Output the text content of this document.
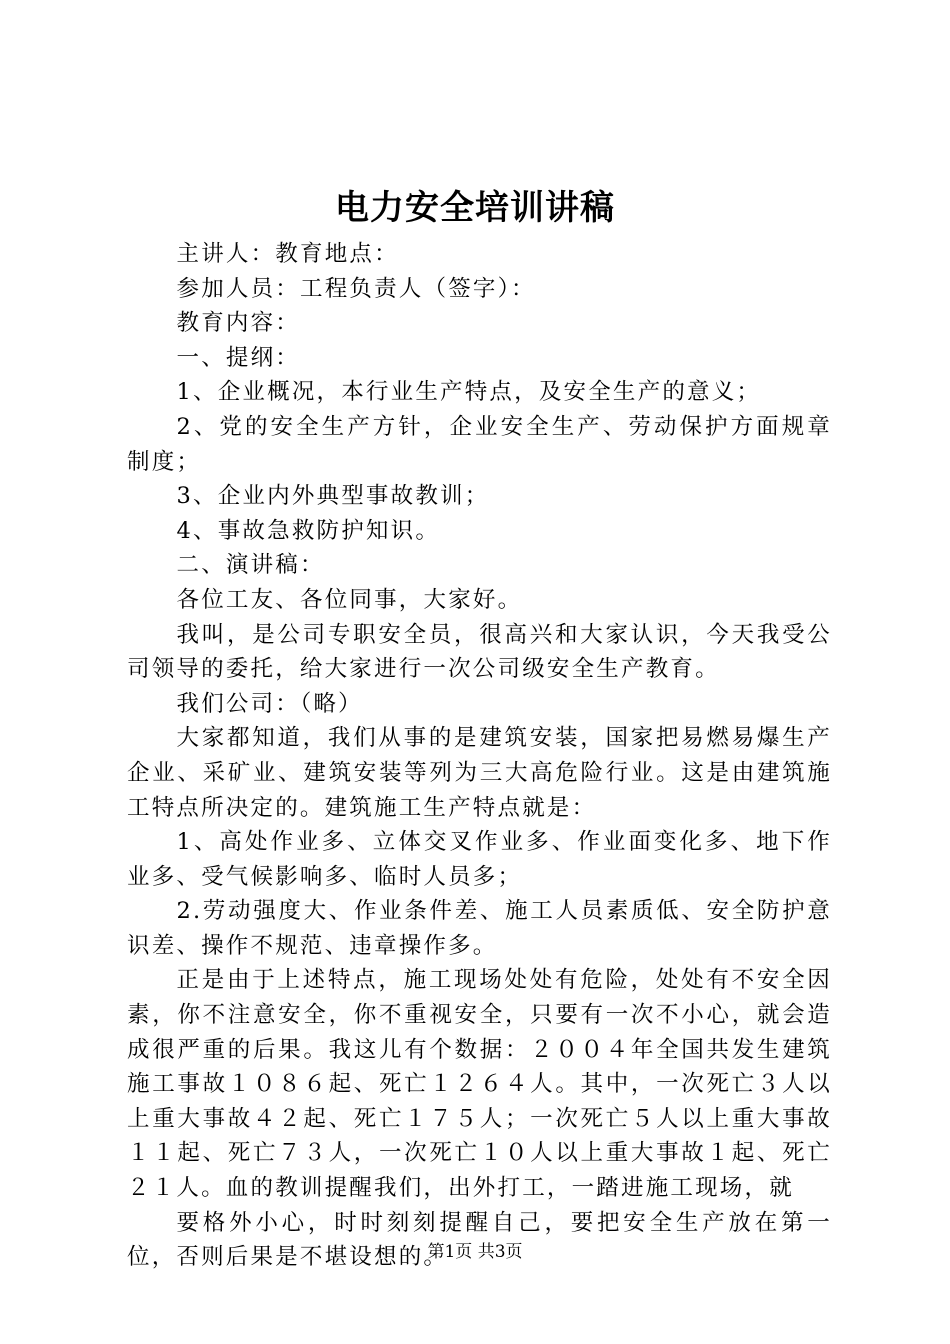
电力安全培训讲稿

主讲人：教育地点：

参加人员：工程负责人（签字）：

教育内容：

一、提纲：

1、企业概况，本行业生产特点，及安全生产的意义；

2、党的安全生产方针，企业安全生产、劳动保护方面规章制度；

3、企业内外典型事故教训；

4、事故急救防护知识。

二、演讲稿：

各位工友、各位同事，大家好。

我叫，是公司专职安全员，很高兴和大家认识，今天我受公司领导的委托，给大家进行一次公司级安全生产教育。

我们公司：（略）

大家都知道，我们从事的是建筑安装，国家把易燃易爆生产企业、采矿业、建筑安装等列为三大高危险行业。这是由建筑施工特点所决定的。建筑施工生产特点就是：

1、高处作业多、立体交叉作业多、作业面变化多、地下作业多、受气候影响多、临时人员多；

2.劳动强度大、作业条件差、施工人员素质低、安全防护意识差、操作不规范、违章操作多。

正是由于上述特点，施工现场处处有危险，处处有不安全因素，你不注意安全，你不重视安全，只要有一次不小心，就会造成很严重的后果。我这儿有个数据：２００４年全国共发生建筑施工事故１０８６起、死亡１２６４人。其中，一次死亡３人以上重大事故４２起、死亡１７５人；一次死亡５人以上重大事故１１起、死亡７３人，一次死亡１０人以上重大事故１起、死亡２１人。血的教训提醒我们，出外打工，一踏进施工现场，就

要格外小心，时时刻刻提醒自己，要把安全生产放在第一位，否则后果是不堪设想的。

第1页 共3页
